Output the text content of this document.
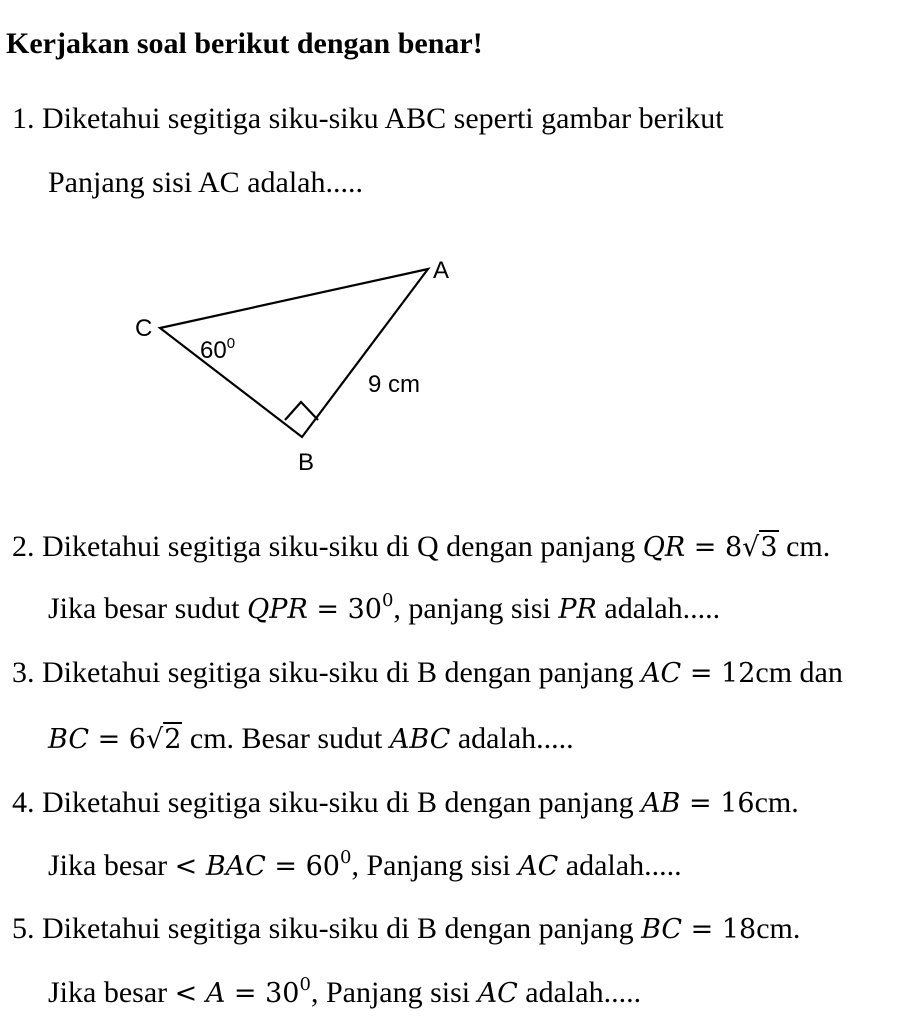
Kerjakan soal berikut dengan benar!
1. Diketahui segitiga siku-siku ABC seperti gambar berikut
Panjang sisi AC adalah.....
A
C
B
$60^0$
9 cm
2. Diketahui segitiga siku-siku di Q dengan panjang QR = 8√3 cm.
Jika besar sudut QPR = $30^0$, panjang sisi PR adalah.....
3. Diketahui segitiga siku-siku di B dengan panjang AC = 12cm dan
BC = 6√2 cm. Besar sudut ABC adalah.....
4. Diketahui segitiga siku-siku di B dengan panjang AB = 16cm.
Jika besar < BAC = $60^0$, Panjang sisi AC adalah.....
5. Diketahui segitiga siku-siku di B dengan panjang BC = 18cm.
Jika besar < $A = 30^0$, Panjang sisi AC adalah.....
